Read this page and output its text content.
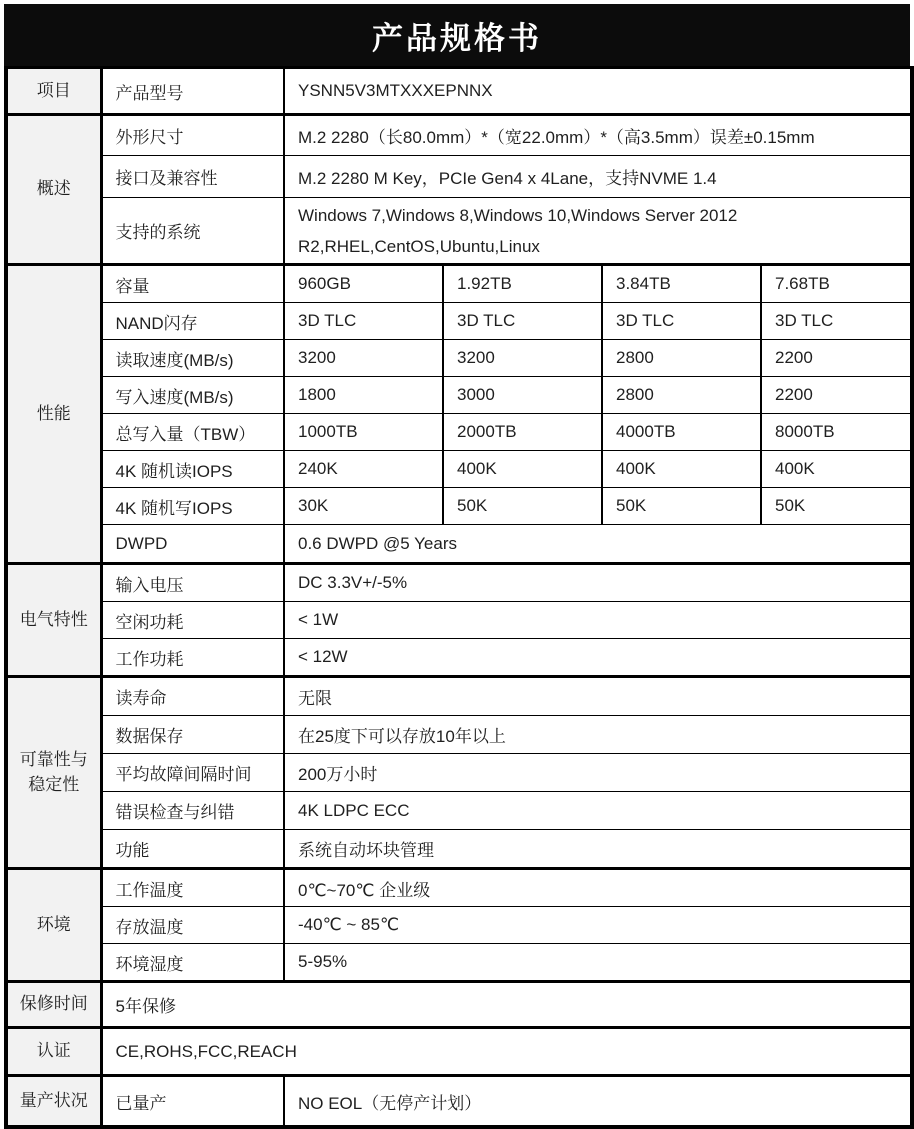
产品规格书
项目	产品型号	YSNN5V3MTXXXEPNNX			
概述	外形尺寸	M.2 2280（长80.0mm）*（宽22.0mm）*（高3.5mm）误差±0.15mm			
	接口及兼容性	M.2 2280 M Key，PCIe Gen4 x 4Lane，支持NVME 1.4			
	支持的系统	Windows 7,Windows 8,Windows 10,Windows Server 2012 R2,RHEL,CentOS,Ubuntu,Linux			
性能	容量	960GB	1.92TB	3.84TB	7.68TB
	NAND闪存	3D TLC	3D TLC	3D TLC	3D TLC
	读取速度(MB/s)	3200	3200	2800	2200
	写入速度(MB/s)	1800	3000	2800	2200
	总写入量（TBW）	1000TB	2000TB	4000TB	8000TB
	4K 随机读IOPS	240K	400K	400K	400K
	4K 随机写IOPS	30K	50K	50K	50K
	DWPD	0.6 DWPD @5 Years			
电气特性	输入电压	DC 3.3V+/-5%			
	空闲功耗	< 1W			
	工作功耗	< 12W			
可靠性与稳定性	读寿命	无限			
	数据保存	在25度下可以存放10年以上			
	平均故障间隔时间	200万小时			
	错误检查与纠错	4K LDPC ECC			
	功能	系统自动坏块管理			
环境	工作温度	0℃~70℃ 企业级			
	存放温度	-40℃ ~ 85℃			
	环境湿度	5-95%			
保修时间	5年保修				
认证	CE,ROHS,FCC,REACH				
量产状况	已量产	NO EOL（无停产计划）			
